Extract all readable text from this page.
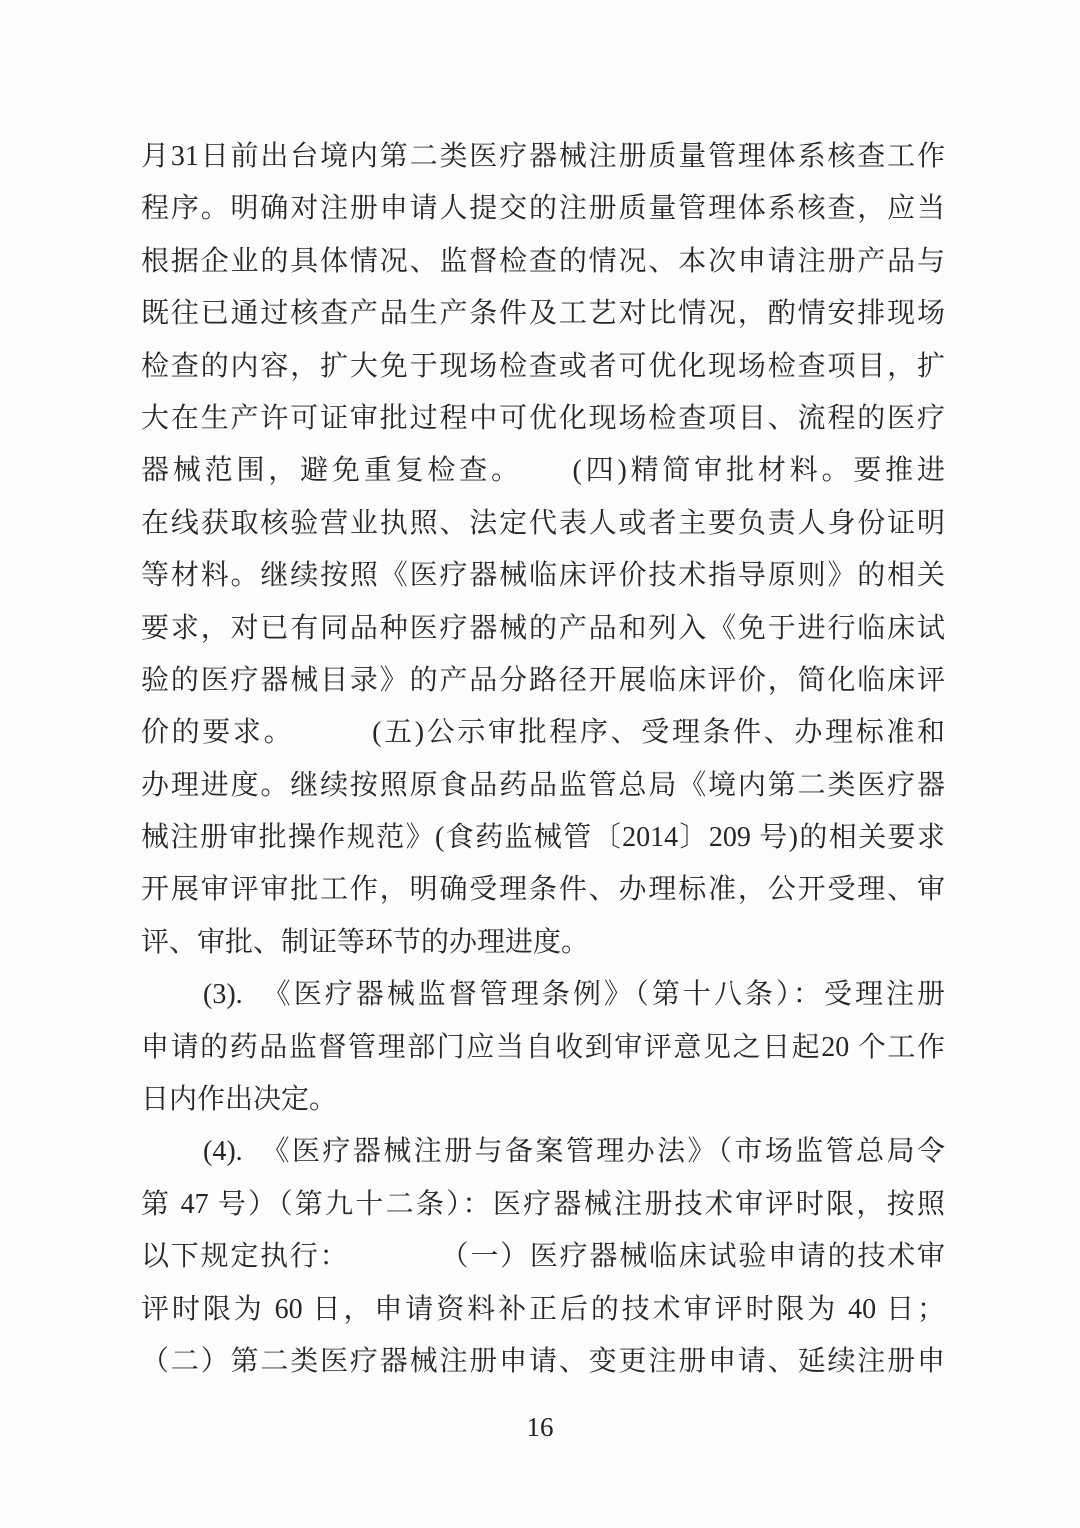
月31日前出台境内第二类医疗器械注册质量管理体系核查工作
程序。明确对注册申请人提交的注册质量管理体系核查，应当
根据企业的具体情况、监督检查的情况、本次申请注册产品与
既往已通过核查产品生产条件及工艺对比情况，酌情安排现场
检查的内容，扩大免于现场检查或者可优化现场检查项目，扩
大在生产许可证审批过程中可优化现场检查项目、流程的医疗
器械范围，避免重复检查。　　(四)精简审批材料。要推进
在线获取核验营业执照、法定代表人或者主要负责人身份证明
等材料。继续按照《医疗器械临床评价技术指导原则》的相关
要求，对已有同品种医疗器械的产品和列入《免于进行临床试
验的医疗器械目录》的产品分路径开展临床评价，简化临床评
价的要求。　　　(五)公示审批程序、受理条件、办理标准和
办理进度。继续按照原食品药品监管总局《境内第二类医疗器
械注册审批操作规范》(食药监械管〔2014〕209 号)的相关要求
开展审评审批工作，明确受理条件、办理标准，公开受理、审
评、审批、制证等环节的办理进度。
(3).　《医疗器械监督管理条例》（第十八条）：受理注册
申请的药品监督管理部门应当自收到审评意见之日起20 个工作
日内作出决定。
(4).　《医疗器械注册与备案管理办法》（市场监管总局令
第 47 号）（第九十二条）：医疗器械注册技术审评时限，按照
以下规定执行：　　　　（一）医疗器械临床试验申请的技术审
评时限为 60 日，申请资料补正后的技术审评时限为 40 日；
（二）第二类医疗器械注册申请、变更注册申请、延续注册申
16
